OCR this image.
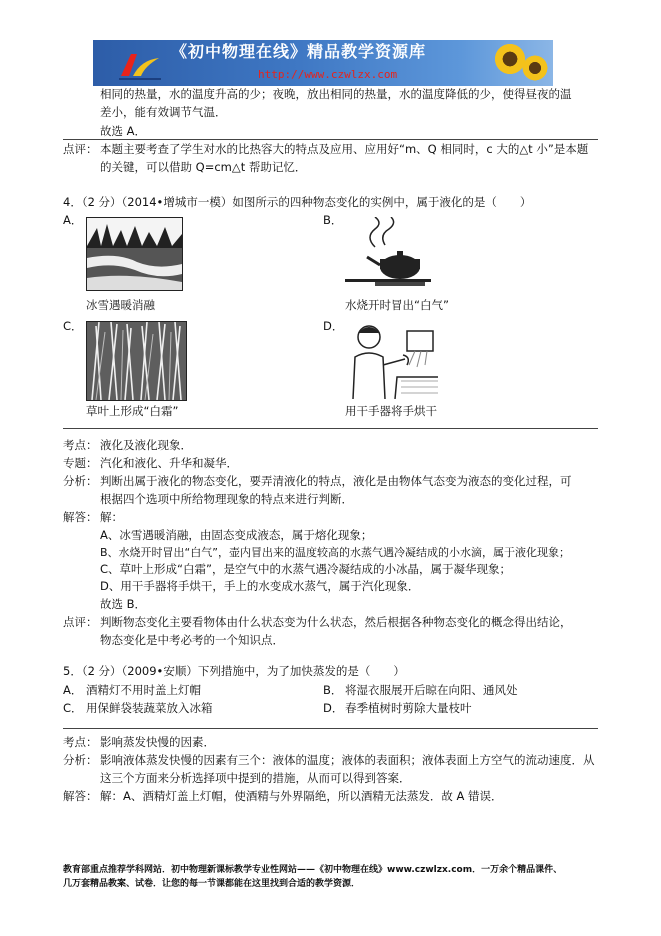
《初中物理在线》精品教学资源库
http://www.czwlzx.com
相同的热量，水的温度升高的少；夜晚，放出相同的热量，水的温度降低的少，使得昼夜的温
差小，能有效调节气温．
故选 A．
点评： 本题主要考查了学生对水的比热容大的特点及应用、应用好“m、Q 相同时，c 大的△t 小”是本题
的关键，可以借助 Q=cm△t 帮助记忆．
4．（2 分）（2014•增城市一模）如图所示的四种物态变化的实例中，属于液化的是（　　）
A．
冰雪遇暖消融
B．
水烧开时冒出“白气”
C．
草叶上形成“白霜”
D．
用干手器将手烘干
考点： 液化及液化现象．
专题： 汽化和液化、升华和凝华．
分析： 判断出属于液化的物态变化，要弄清液化的特点，液化是由物体气态变为液态的变化过程，可
根据四个选项中所给物理现象的特点来进行判断．
解答： 解：
A、冰雪遇暖消融，由固态变成液态，属于熔化现象；
B、水烧开时冒出“白气”，壶内冒出来的温度较高的水蒸气遇冷凝结成的小水滴，属于液化现象；
C、草叶上形成“白霜”，是空气中的水蒸气遇冷凝结成的小冰晶，属于凝华现象；
D、用干手器将手烘干，手上的水变成水蒸气，属于汽化现象．
故选 B．
点评： 判断物态变化主要看物体由什么状态变为什么状态，然后根据各种物态变化的概念得出结论，
物态变化是中考必考的一个知识点．
5．（2 分）（2009•安顺）下列措施中，为了加快蒸发的是（　　）
A． 酒精灯不用时盖上灯帽	B． 将湿衣服展开后晾在向阳、通风处
C． 用保鲜袋装蔬菜放入冰箱	D． 春季植树时剪除大量枝叶
考点： 影响蒸发快慢的因素．
分析： 影响液体蒸发快慢的因素有三个：液体的温度；液体的表面积；液体表面上方空气的流动速度．从
这三个方面来分析选择项中提到的措施，从而可以得到答案．
解答： 解：A、酒精灯盖上灯帽，使酒精与外界隔绝，所以酒精无法蒸发．故 A 错误．
教育部重点推荐学科网站．初中物理新课标教学专业性网站——《初中物理在线》www.czwlzx.com．一万余个精品课件、
几万套精品教案、试卷．让您的每一节课都能在这里找到合适的教学资源．
